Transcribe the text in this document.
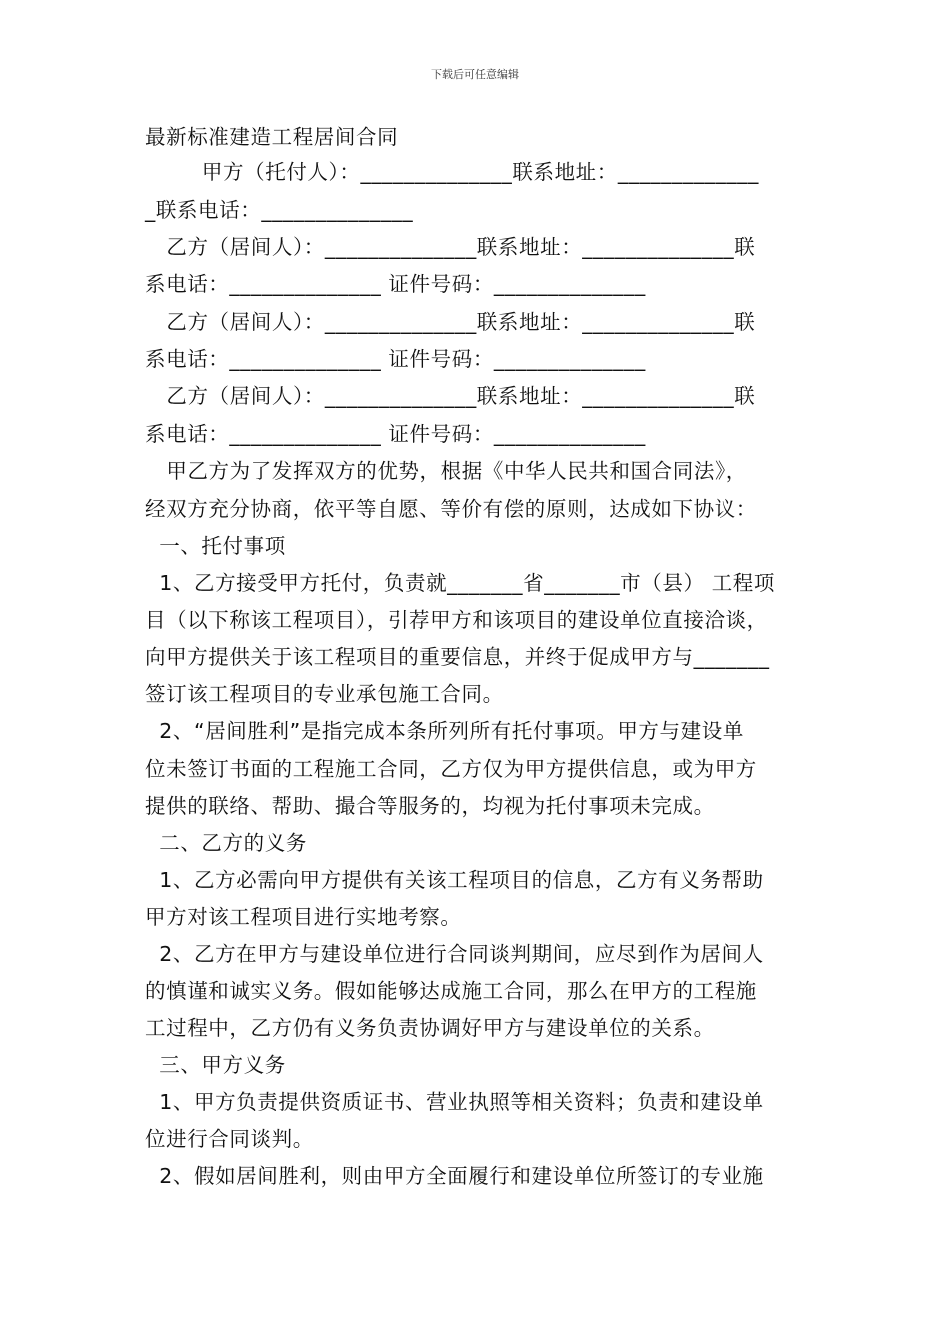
下载后可任意编辑
最新标准建造工程居间合同
甲方（托付人）：______________联系地址：_____________
_联系电话：______________
乙方（居间人）：______________联系地址：______________联
系电话：______________ 证件号码：______________
乙方（居间人）：______________联系地址：______________联
系电话：______________ 证件号码：______________
乙方（居间人）：______________联系地址：______________联
系电话：______________ 证件号码：______________
甲乙方为了发挥双方的优势，根据《中华人民共和国合同法》，
经双方充分协商，依平等自愿、等价有偿的原则，达成如下协议：
一、托付事项
1、乙方接受甲方托付，负责就_______省_______市（县） 工程项
目（以下称该工程项目），引荐甲方和该项目的建设单位直接洽谈，
向甲方提供关于该工程项目的重要信息，并终于促成甲方与_______
签订该工程项目的专业承包施工合同。
2、“居间胜利”是指完成本条所列所有托付事项。甲方与建设单
位未签订书面的工程施工合同，乙方仅为甲方提供信息，或为甲方
提供的联络、帮助、撮合等服务的，均视为托付事项未完成。
二、乙方的义务
1、乙方必需向甲方提供有关该工程项目的信息，乙方有义务帮助
甲方对该工程项目进行实地考察。
2、乙方在甲方与建设单位进行合同谈判期间，应尽到作为居间人
的慎谨和诚实义务。假如能够达成施工合同，那么在甲方的工程施
工过程中，乙方仍有义务负责协调好甲方与建设单位的关系。
三、甲方义务
1、甲方负责提供资质证书、营业执照等相关资料；负责和建设单
位进行合同谈判。
2、假如居间胜利，则由甲方全面履行和建设单位所签订的专业施
